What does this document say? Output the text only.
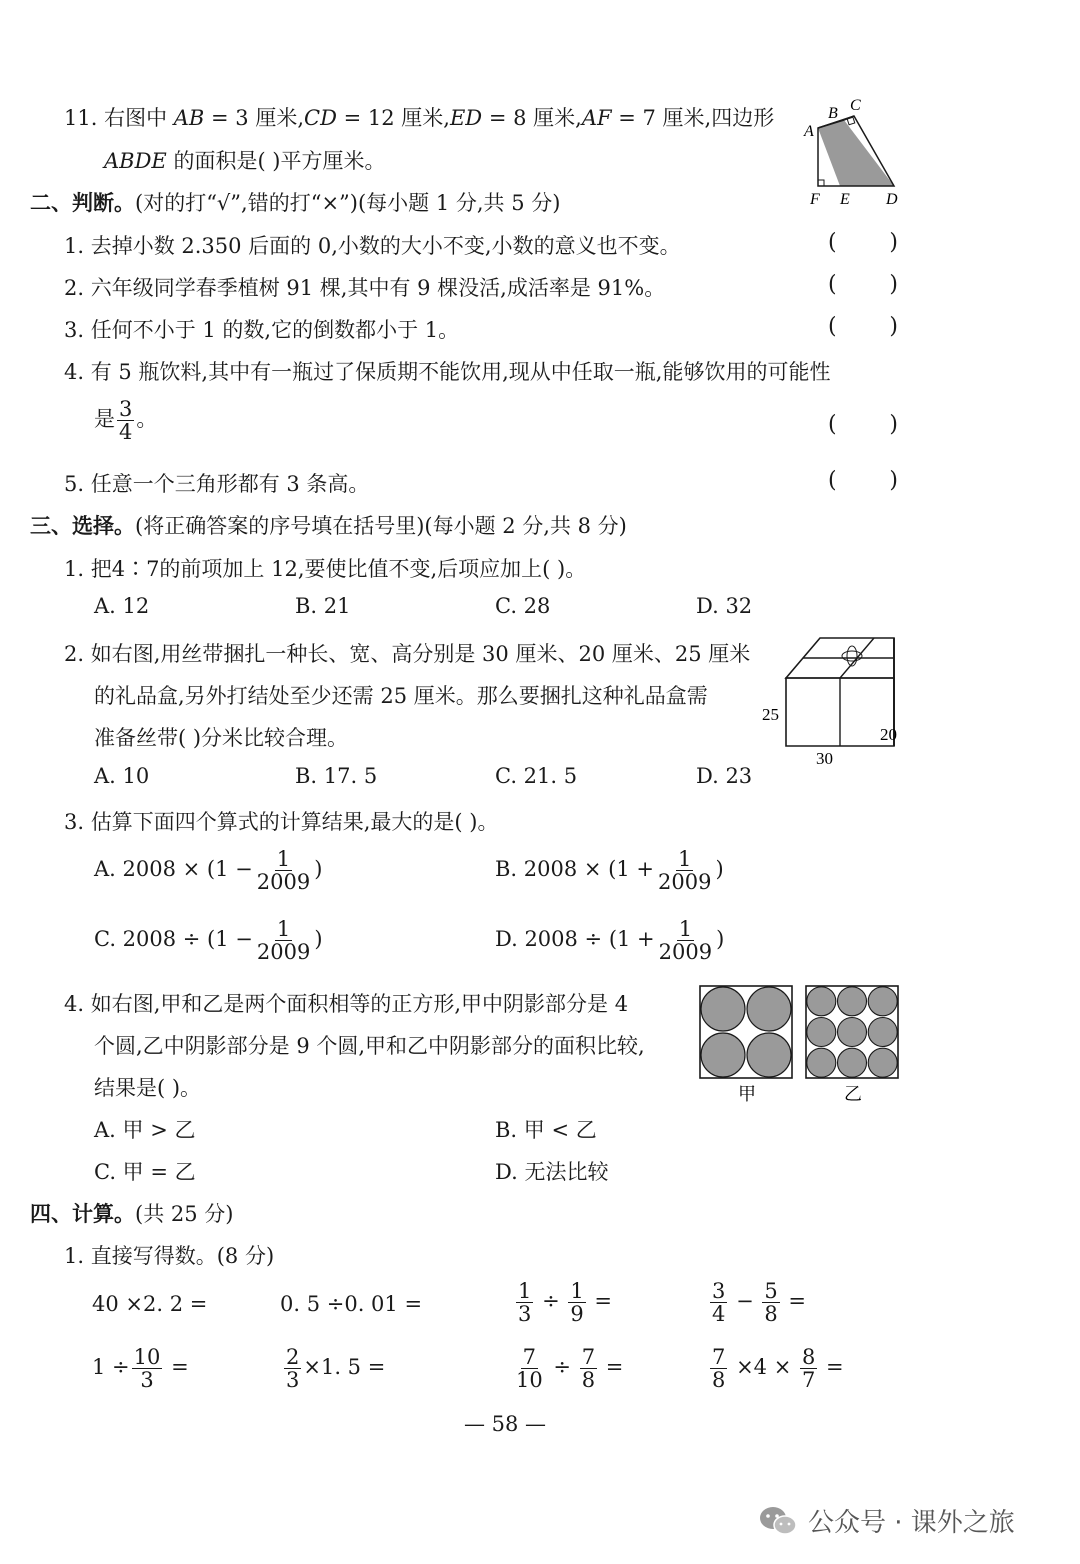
11. 右图中 AB = 3 厘米,CD = 12 厘米,ED = 8 厘米,AF = 7 厘米,四边形
ABDE 的面积是( )平方厘米。
A
B C
F E D
二、判断。(对的打“√”,错的打“×”)(每小题 1 分,共 5 分)
1. 去掉小数 2.350 后面的 0,小数的大小不变,小数的意义也不变。	( )
2. 六年级同学春季植树 91 棵,其中有 9 棵没活,成活率是 91%。	( )
3. 任何不小于 1 的数,它的倒数都小于 1。	( )
4. 有 5 瓶饮料,其中有一瓶过了保质期不能饮用,现从中任取一瓶,能够饮用的可能性
是 $\frac{3}{4}$ 。	( )
5. 任意一个三角形都有 3 条高。	( )
三、选择。(将正确答案的序号填在括号里)(每小题 2 分,共 8 分)
1. 把4∶7的前项加上 12,要使比值不变,后项应加上( )。
A. 12	B. 21	C. 28	D. 32
2. 如右图,用丝带捆扎一种长、宽、高分别是 30 厘米、20 厘米、25 厘米
的礼品盒,另外打结处至少还需 25 厘米。那么要捆扎这种礼品盒需
准备丝带( )分米比较合理。
A. 10	B. 17. 5	C. 21. 5	D. 23
25
20
30
3. 估算下面四个算式的计算结果,最大的是( )。
A. $2008 \times (1 - \frac{1}{2009}$ )	B. $2008 \times (1 + \frac{1}{2009}$ )
C. $2008 \div (1 - \frac{1}{2009}$ )	D. $2008 \div (1 + \frac{1}{2009}$ )
4. 如右图,甲和乙是两个面积相等的正方形,甲中阴影部分是 4
个圆,乙中阴影部分是 9 个圆,甲和乙中阴影部分的面积比较,
结果是( )。
A. 甲 > 乙	B. 甲 < 乙
C. 甲 = 乙	D. 无法比较
甲	乙
四、计算。(共 25 分)
1. 直接写得数。(8 分)
40 ×2. 2 =	0. 5 ÷0. 01 =	$\frac{1}{3} \div \frac{1}{9}$ =	$\frac{3}{4} - \frac{5}{8}$ =
$1 \div \frac{10}{3}$ =	$\frac{2}{3} \times 1$. 5 =	$\frac{7}{10} \div \frac{7}{8}$ =	$\frac{7}{8} \times 4 \times \frac{8}{7}$ =
— 58 —
公众号 · 课外之旅
